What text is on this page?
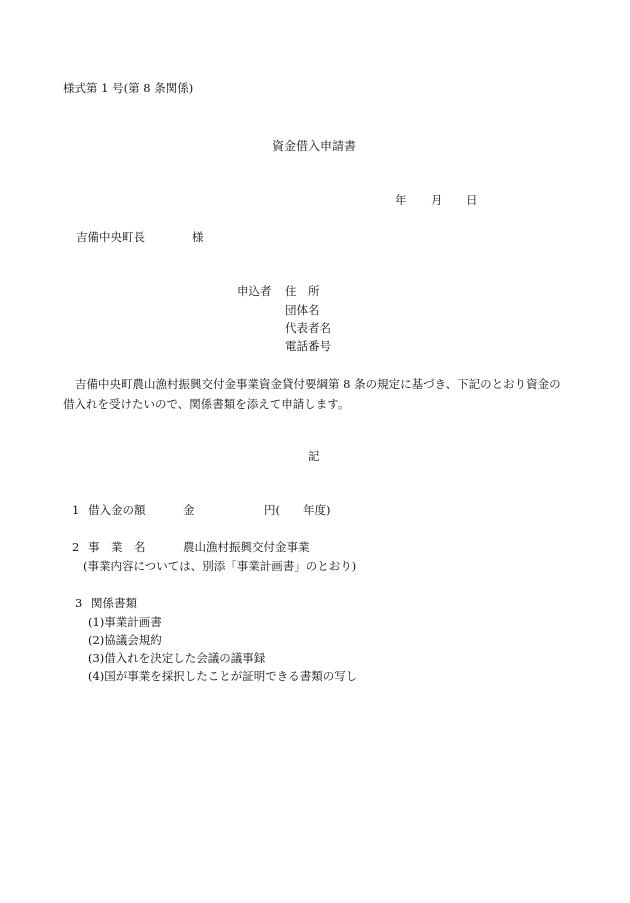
様式第 1 号(第 8 条関係)
資金借入申請書
年 月 日
吉備中央町長	様
申込者 住　所
団体名
代表者名
電話番号
吉備中央町農山漁村振興交付金事業資金貸付要綱第 8 条の規定に基づき、下記のとおり資金の
借入れを受けたいので、関係書類を添えて申請します。
記
1 借入金の額	金	円( 年度)
2 事　業　名	農山漁村振興交付金事業
(事業内容については、別添「事業計画書」のとおり)
3 関係書類
(1)事業計画書
(2)協議会規約
(3)借入れを決定した会議の議事録
(4)国が事業を採択したことが証明できる書類の写し
